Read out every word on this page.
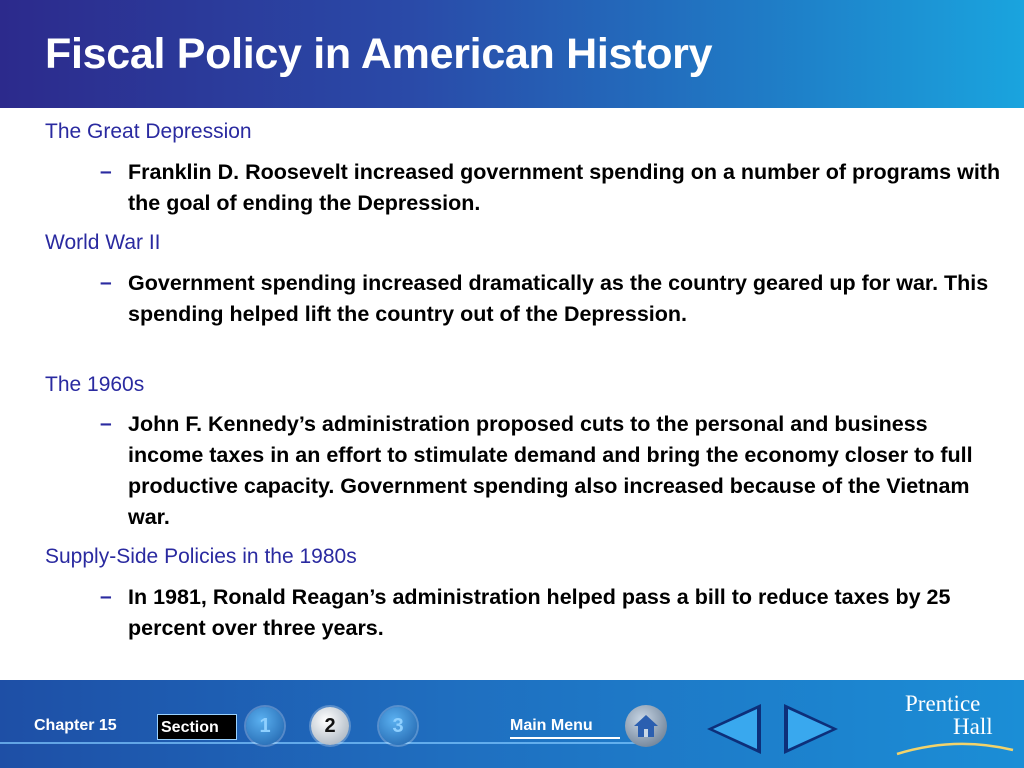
Fiscal Policy in American History
The Great Depression
– Franklin D. Roosevelt increased government spending on a number of programs with the goal of ending the Depression.

World War II
– Government spending increased dramatically as the country geared up for war. This spending helped lift the country out of the Depression.

The 1960s
– John F. Kennedy’s administration proposed cuts to the personal and business income taxes in an effort to stimulate demand and bring the economy closer to full productive capacity. Government spending also increased because of the Vietnam war.

Supply-Side Policies in the 1980s
– In 1981, Ronald Reagan’s administration helped pass a bill to reduce taxes by 25 percent over three years.

Chapter 15	Section	1	2	3	Main Menu
Prentice
Hall
